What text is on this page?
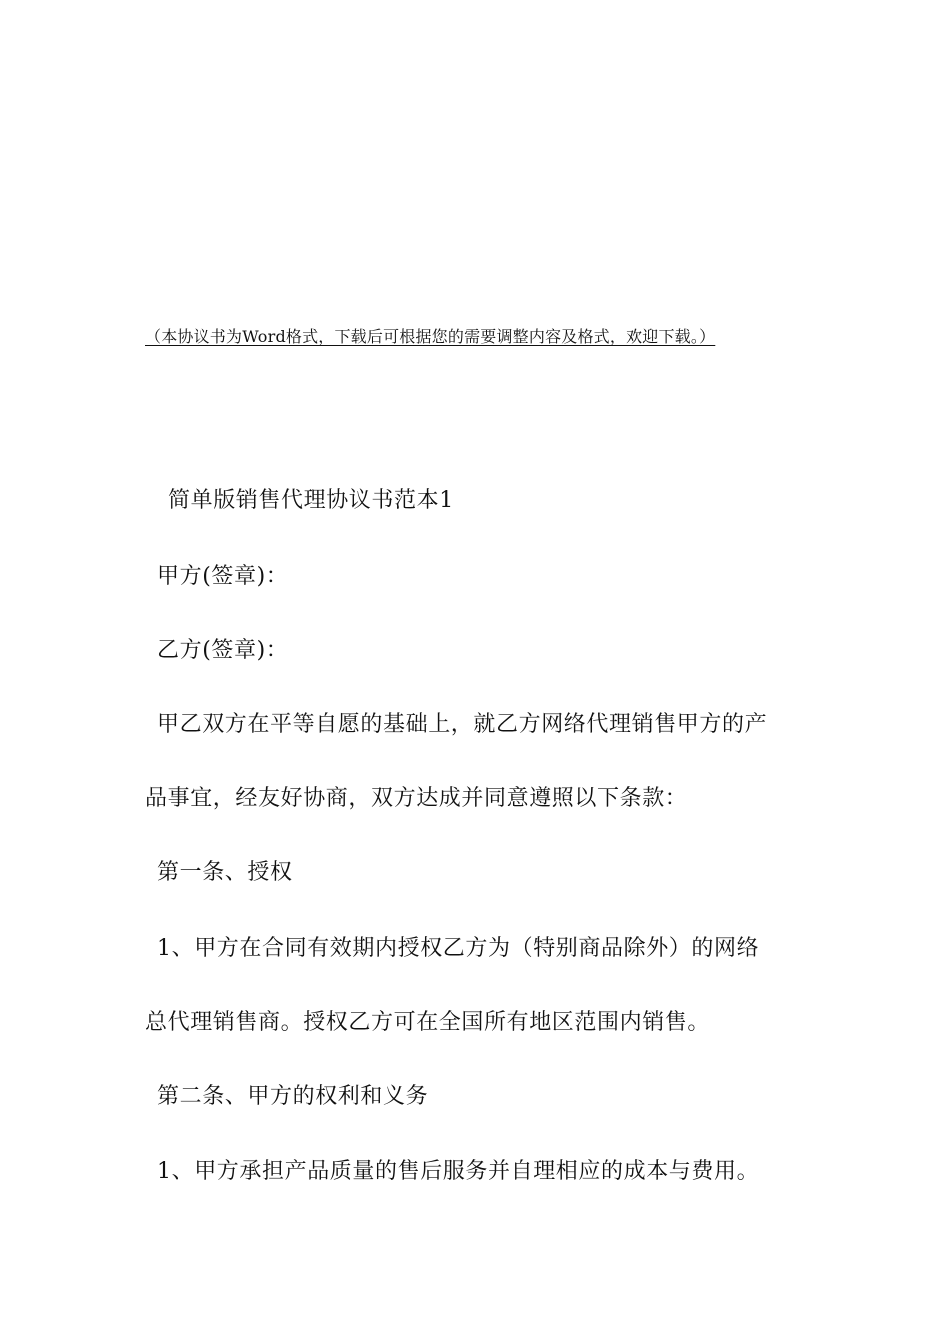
（本协议书为Word格式，下载后可根据您的需要调整内容及格式，欢迎下载。）
简单版销售代理协议书范本1
甲方(签章)：
乙方(签章)：
甲乙双方在平等自愿的基础上，就乙方网络代理销售甲方的产
品事宜，经友好协商，双方达成并同意遵照以下条款：
第一条、授权
1、甲方在合同有效期内授权乙方为（特别商品除外）的网络
总代理销售商。授权乙方可在全国所有地区范围内销售。
第二条、甲方的权利和义务
1、甲方承担产品质量的售后服务并自理相应的成本与费用。
